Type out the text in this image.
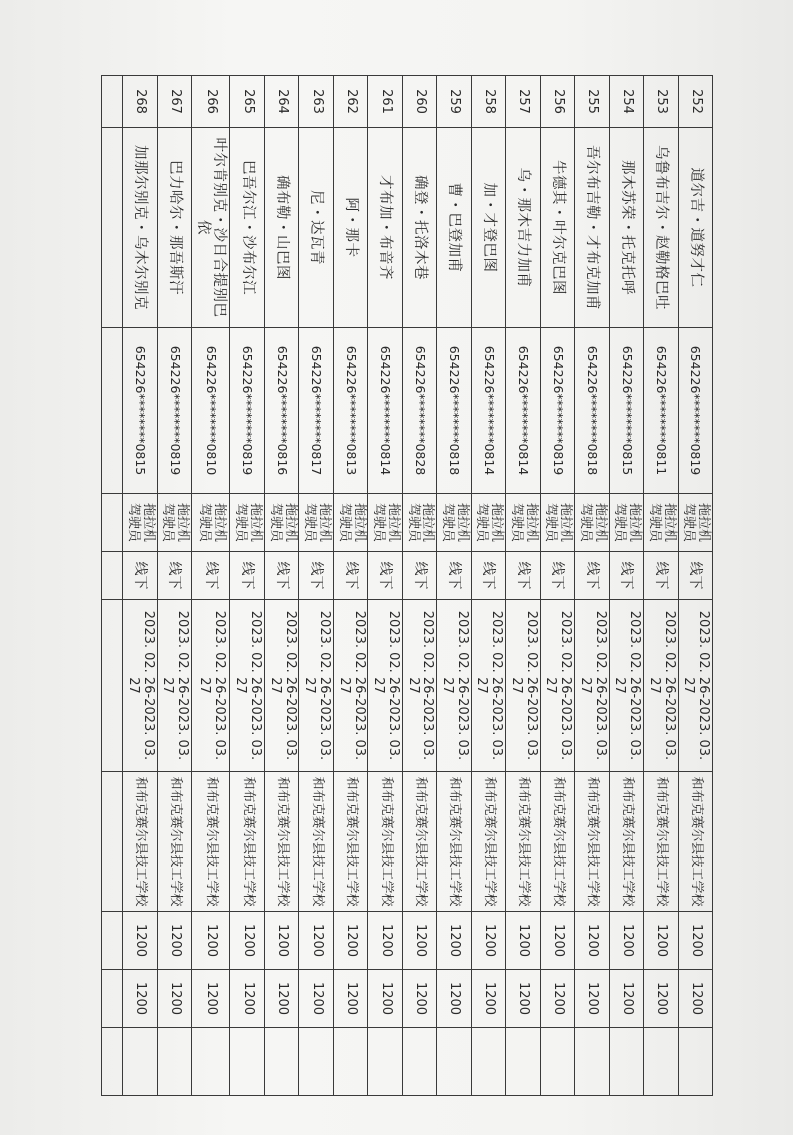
252	道尔吉・道努才仁	654226********0819	拖拉机驾驶员	线下	2023. 02. 26-2023. 03. 27	和布克赛尔县技工学校	1200	1200	
253	乌鲁布吉尔・赵勒格巴吐	654226********0811	拖拉机驾驶员	线下	2023. 02. 26-2023. 03. 27	和布克赛尔县技工学校	1200	1200	
254	那木苏荣・托克托呼	654226********0815	拖拉机驾驶员	线下	2023. 02. 26-2023. 03. 27	和布克赛尔县技工学校	1200	1200	
255	吾尔布吉勒・才布克加甫	654226********0818	拖拉机驾驶员	线下	2023. 02. 26-2023. 03. 27	和布克赛尔县技工学校	1200	1200	
256	牛德其・叶尔克巴图	654226********0819	拖拉机驾驶员	线下	2023. 02. 26-2023. 03. 27	和布克赛尔县技工学校	1200	1200	
257	乌・那木吉力加甫	654226********0814	拖拉机驾驶员	线下	2023. 02. 26-2023. 03. 27	和布克赛尔县技工学校	1200	1200	
258	加・才登巴图	654226********0814	拖拉机驾驶员	线下	2023. 02. 26-2023. 03. 27	和布克赛尔县技工学校	1200	1200	
259	曹・巴登加甫	654226********0818	拖拉机驾驶员	线下	2023. 02. 26-2023. 03. 27	和布克赛尔县技工学校	1200	1200	
260	确登・托洛木巷	654226********0828	拖拉机驾驶员	线下	2023. 02. 26-2023. 03. 27	和布克赛尔县技工学校	1200	1200	
261	才布加・布音齐	654226********0814	拖拉机驾驶员	线下	2023. 02. 26-2023. 03. 27	和布克赛尔县技工学校	1200	1200	
262	阿・那卡	654226********0813	拖拉机驾驶员	线下	2023. 02. 26-2023. 03. 27	和布克赛尔县技工学校	1200	1200	
263	尼・达瓦青	654226********0817	拖拉机驾驶员	线下	2023. 02. 26-2023. 03. 27	和布克赛尔县技工学校	1200	1200	
264	确布勒・山巴图	654226********0816	拖拉机驾驶员	线下	2023. 02. 26-2023. 03. 27	和布克赛尔县技工学校	1200	1200	
265	巴吾尔江・沙布尔江	654226********0819	拖拉机驾驶员	线下	2023. 02. 26-2023. 03. 27	和布克赛尔县技工学校	1200	1200	
266	叶尔肯别克・沙日合提别巴依	654226********0810	拖拉机驾驶员	线下	2023. 02. 26-2023. 03. 27	和布克赛尔县技工学校	1200	1200	
267	巴力哈尔・那吾斯汗	654226********0819	拖拉机驾驶员	线下	2023. 02. 26-2023. 03. 27	和布克赛尔县技工学校	1200	1200	
268	加那尔别克・乌木尔别克	654226********0815	拖拉机驾驶员	线下	2023. 02. 26-2023. 03. 27	和布克赛尔县技工学校	1200	1200	
